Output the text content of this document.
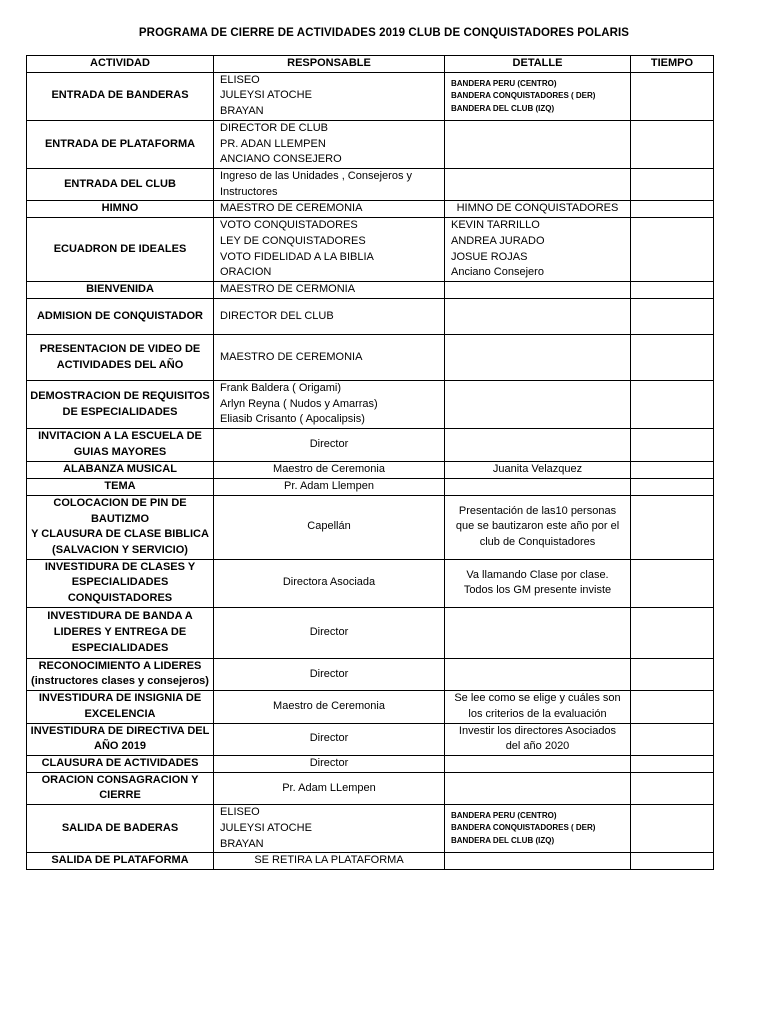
PROGRAMA DE CIERRE DE ACTIVIDADES 2019 CLUB DE CONQUISTADORES POLARIS
ACTIVIDAD	RESPONSABLE	DETALLE	TIEMPO

ENTRADA DE BANDERAS	ELISEO
JULEYSI ATOCHE
BRAYAN	BANDERA PERU (CENTRO)
BANDERA CONQUISTADORES ( DER)
BANDERA DEL CLUB (IZQ)	

ENTRADA DE PLATAFORMA	DIRECTOR DE CLUB
PR. ADAN LLEMPEN
ANCIANO CONSEJERO		

ENTRADA DEL CLUB	Ingreso de las Unidades , Consejeros y
Instructores		

HIMNO	MAESTRO DE CEREMONIA	HIMNO DE CONQUISTADORES	

ECUADRON DE IDEALES	VOTO CONQUISTADORES
LEY DE CONQUISTADORES
VOTO FIDELIDAD A LA BIBLIA
ORACION	KEVIN TARRILLO
ANDREA JURADO
JOSUE ROJAS
Anciano Consejero	

BIENVENIDA	MAESTRO DE CERMONIA		

ADMISION DE CONQUISTADOR	DIRECTOR DEL CLUB		

PRESENTACION DE VIDEO DE
ACTIVIDADES DEL AÑO	MAESTRO DE CEREMONIA		

DEMOSTRACION DE REQUISITOS
DE ESPECIALIDADES	Frank Baldera ( Origami)
Arlyn Reyna ( Nudos y Amarras)
Eliasib Crisanto ( Apocalipsis)		

INVITACION A LA ESCUELA DE
GUIAS MAYORES	Director		

ALABANZA MUSICAL	Maestro de Ceremonia	Juanita Velazquez	

TEMA	Pr. Adam Llempen		

COLOCACION DE PIN DE
BAUTIZMO
Y CLAUSURA DE CLASE BIBLICA
(SALVACION Y SERVICIO)	Capellán	Presentación de las10 personas
que se bautizaron este año por el
club de Conquistadores	

INVESTIDURA DE CLASES Y
ESPECIALIDADES
CONQUISTADORES	Directora Asociada	Va llamando Clase por clase.
Todos los GM presente inviste	

INVESTIDURA DE BANDA A
LIDERES Y ENTREGA DE
ESPECIALIDADES	Director		

RECONOCIMIENTO A LIDERES
(instructores clases y consejeros)	Director		

INVESTIDURA DE INSIGNIA DE
EXCELENCIA	Maestro de Ceremonia	Se lee como se elige y cuáles son
los criterios de la evaluación	

INVESTIDURA DE DIRECTIVA DEL
AÑO 2019	Director	Investir los directores Asociados
del año 2020	

CLAUSURA DE ACTIVIDADES	Director		

ORACION CONSAGRACION Y
CIERRE	Pr. Adam LLempen		

SALIDA DE BADERAS	ELISEO
JULEYSI ATOCHE
BRAYAN	BANDERA PERU (CENTRO)
BANDERA CONQUISTADORES ( DER)
BANDERA DEL CLUB (IZQ)	

SALIDA DE PLATAFORMA	SE RETIRA LA PLATAFORMA		
